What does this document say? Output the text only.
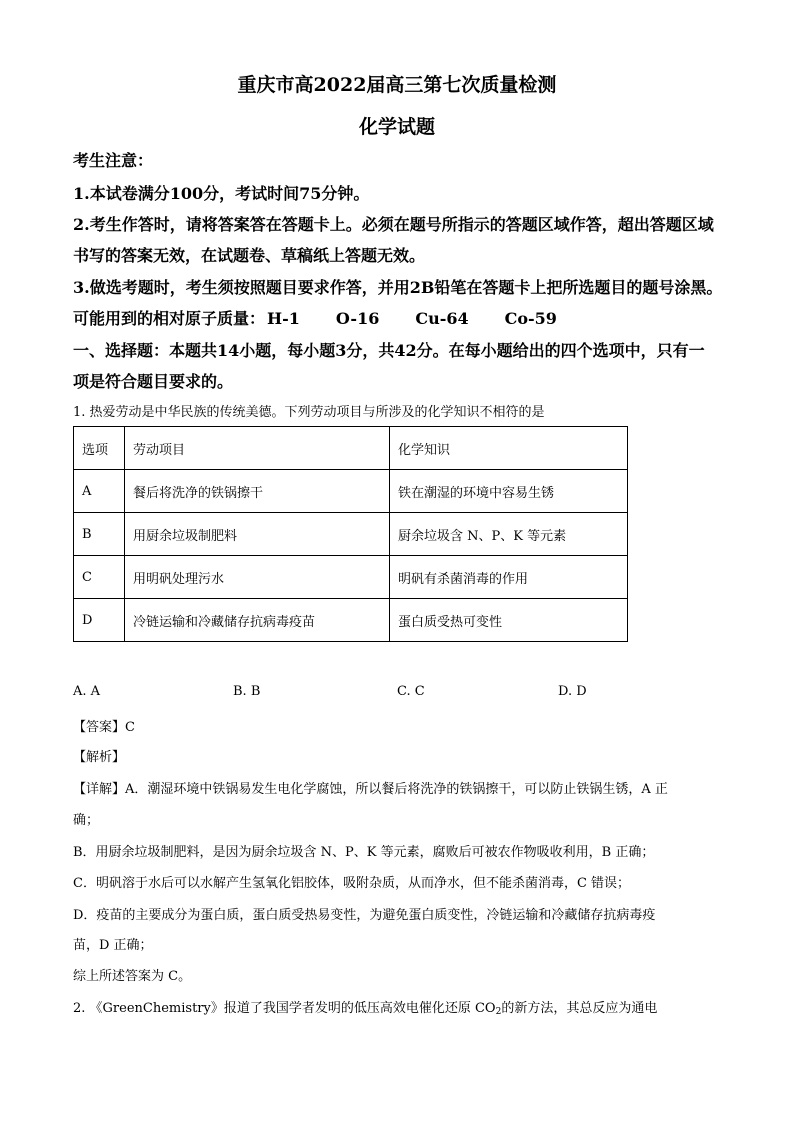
重庆市高2022届高三第七次质量检测
化学试题
考生注意：
1.本试卷满分100分，考试时间75分钟。
2.考生作答时，请将答案答在答题卡上。必须在题号所指示的答题区域作答，超出答题区域
书写的答案无效，在试题卷、草稿纸上答题无效。
3.做选考题时，考生须按照题目要求作答，并用2B铅笔在答题卡上把所选题目的题号涂黑。
可能用到的相对原子质量： H-1 O-16 Cu-64 Co-59
一、选择题：本题共14小题，每小题3分，共42分。在每小题给出的四个选项中，只有一
项是符合题目要求的。
1. 热爱劳动是中华民族的传统美德。下列劳动项目与所涉及的化学知识不相符的是
选项	劳动项目	化学知识
A	餐后将洗净的铁锅擦干	铁在潮湿的环境中容易生锈
B	用厨余垃圾制肥料	厨余垃圾含 N、P、K 等元素
C	用明矾处理污水	明矾有杀菌消毒的作用
D	冷链运输和冷藏储存抗病毒疫苗	蛋白质受热可变性
A. A	B. B	C. C	D. D
【答案】C
【解析】
【详解】A．潮湿环境中铁锅易发生电化学腐蚀，所以餐后将洗净的铁锅擦干，可以防止铁锅生锈，A 正
确；
B．用厨余垃圾制肥料，是因为厨余垃圾含 N、P、K 等元素，腐败后可被农作物吸收利用，B 正确；
C．明矾溶于水后可以水解产生氢氧化铝胶体，吸附杂质，从而净水，但不能杀菌消毒，C 错误；
D．疫苗的主要成分为蛋白质，蛋白质受热易变性，为避免蛋白质变性，冷链运输和冷藏储存抗病毒疫
苗，D 正确；
综上所述答案为 C。
2. 《GreenChemistry》报道了我国学者发明的低压高效电催化还原 $CO_2$的新方法，其总反应为通电
